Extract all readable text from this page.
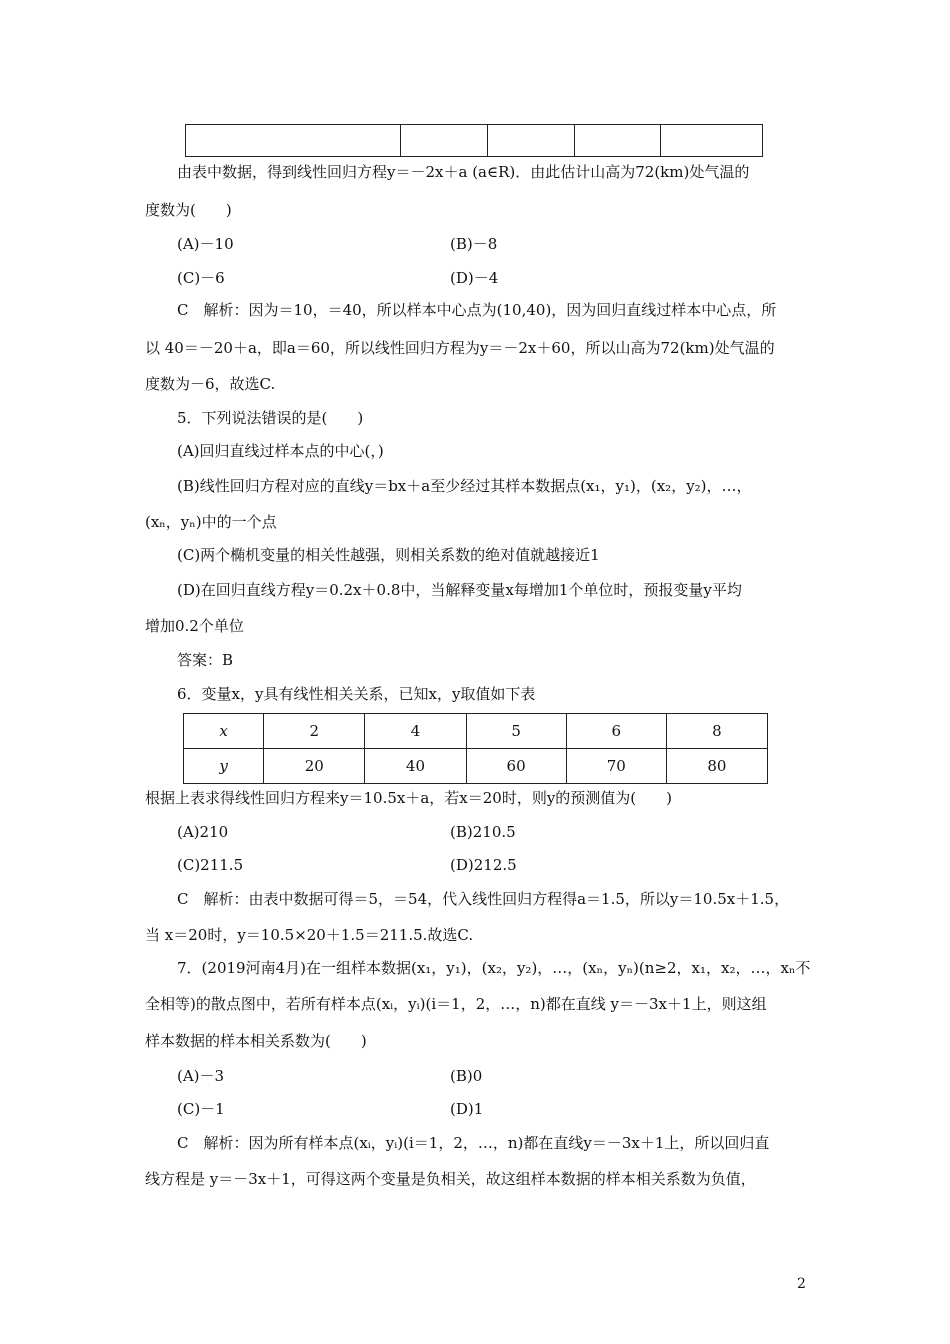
由表中数据，得到线性回归方程y＝－2x＋a (a∈R)．由此估计山高为72(km)处气温的
度数为(　　)
(A)－10	(B)－8
(C)－6	(D)－4
C　解析：因为＝10，＝40，所以样本中心点为(10,40)，因为回归直线过样本中心点，所
以 40＝－20＋a，即a＝60，所以线性回归方程为y＝－2x＋60，所以山高为72(km)处气温的
度数为－6，故选C.
5．下列说法错误的是(　　)
(A)回归直线过样本点的中心(，)
(B)线性回归方程对应的直线y＝bx＋a至少经过其样本数据点(x₁，y₁)，(x₂，y₂)，…，
(xₙ，yₙ)中的一个点
(C)两个椭机变量的相关性越强，则相关系数的绝对值就越接近1
(D)在回归直线方程y＝0.2x＋0.8中，当解释变量x每增加1个单位时，预报变量y平均
增加0.2个单位
答案：B
6．变量x，y具有线性相关关系，已知x，y取值如下表
根据上表求得线性回归方程来y＝10.5x＋a，若x＝20时，则y的预测值为(　　)
(A)210	(B)210.5
(C)211.5	(D)212.5
C　解析：由表中数据可得＝5，＝54，代入线性回归方程得a＝1.5，所以y＝10.5x＋1.5，
当 x＝20时，y＝10.5×20＋1.5＝211.5.故选C.
7．(2019河南4月)在一组样本数据(x₁，y₁)，(x₂，y₂)，…，(xₙ，yₙ)(n≥2，x₁，x₂，…，xₙ不
全相等)的散点图中，若所有样本点(xᵢ，yᵢ)(i＝1，2，…，n)都在直线 y＝－3x＋1上，则这组
样本数据的样本相关系数为(　　)
(A)－3	(B)0
(C)－1	(D)1
C　解析：因为所有样本点(xᵢ，yᵢ)(i＝1，2，…，n)都在直线y＝－3x＋1上，所以回归直
线方程是 y＝－3x＋1，可得这两个变量是负相关，故这组样本数据的样本相关系数为负值，
x	2	4	5	6	8
y	20	40	60	70	80
2
